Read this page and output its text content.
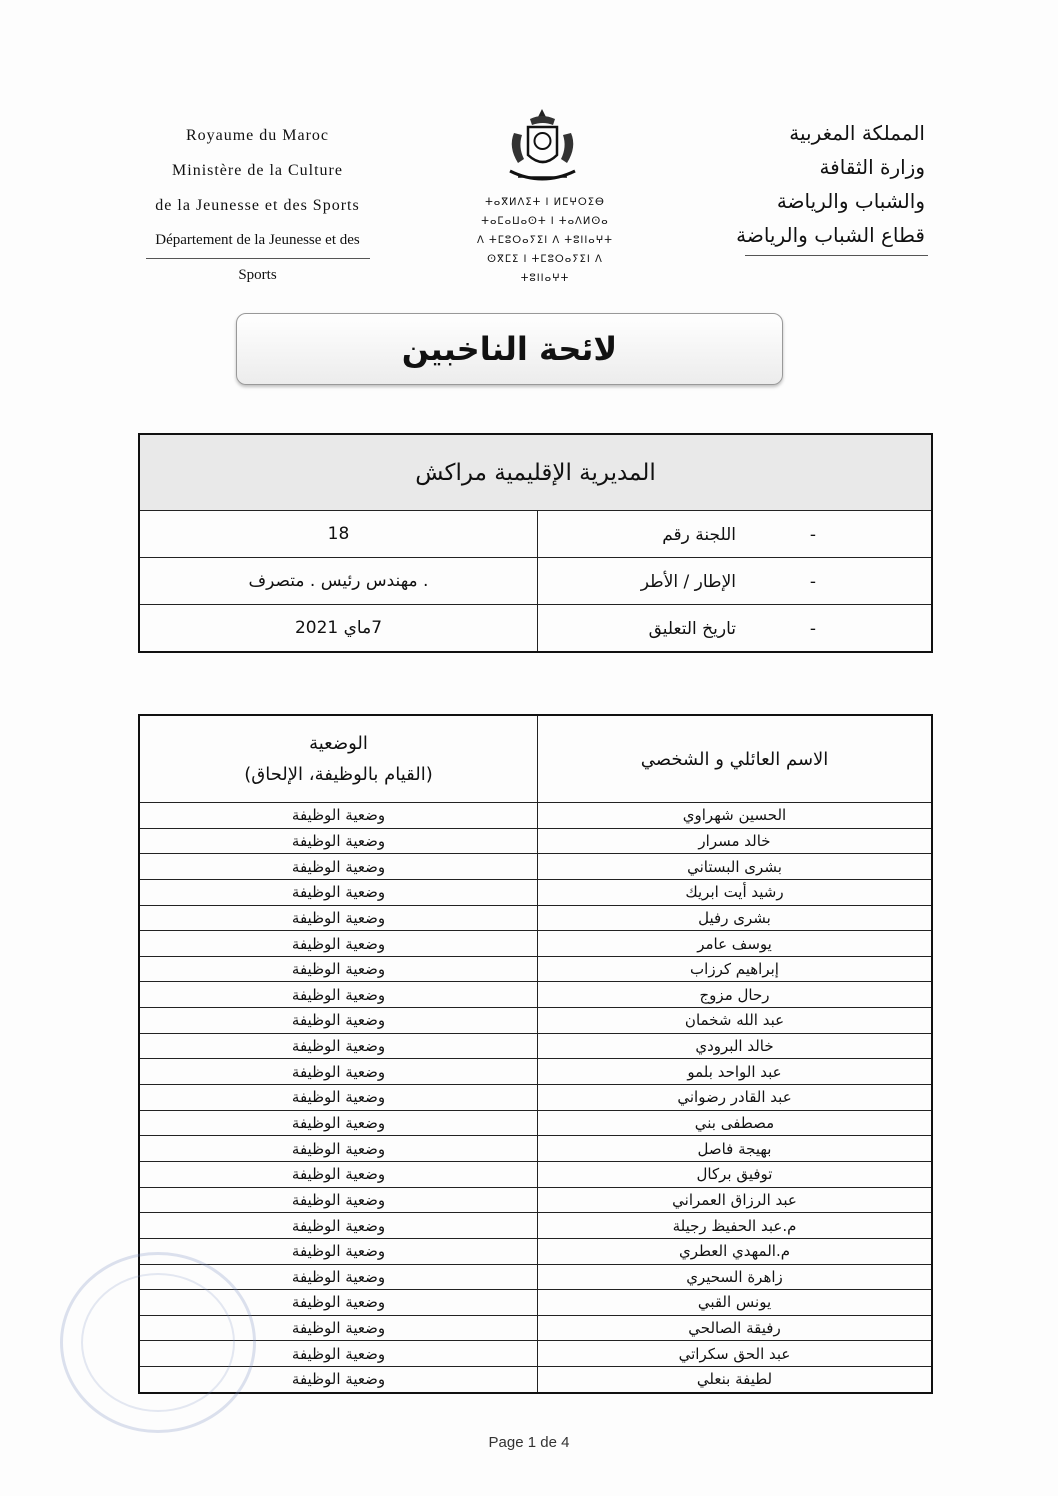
Royaume du Maroc
Ministère de la Culture
de la Jeunesse et des Sports
Département de la Jeunesse et des Sports
ⵜⴰⴳⵍⴷⵉⵜ ⵏ ⵍⵎⵖⵔⵉⴱ
ⵜⴰⵎⴰⵡⴰⵙⵜ ⵏ ⵜⴰⴷⵍⵙⴰ
ⴷ ⵜⵎⵓⵔⴰⵢⵉⵏ ⴷ ⵜⵓⵏⵏⴰⵖⵜ
ⵙⴳⵎⵉ ⵏ ⵜⵎⵓⵔⴰⵢⵉⵏ ⴷ ⵜⵓⵏⵏⴰⵖⵜ
المملكة المغربية
وزارة الثقافة
والشباب والرياضة
قطاع الشباب والرياضة
لائحة الناخبين
المديرية الإقليمية مراكش	

اللجنة رقم -	18

الإطار / الأطر -	. مهندس رئيس . متصرف

تاريخ التعليق -	7ماي 2021
الاسم العائلي و الشخصي	الوضعية
(القيام بالوظيفة، الإلحاق)

الحسين شهراوي	وضعية الوظيفة
خالد مسرار	وضعية الوظيفة
بشرى البستاني	وضعية الوظيفة
رشيد أيت ابريك	وضعية الوظيفة
بشرى رفيل	وضعية الوظيفة
يوسف عامر	وضعية الوظيفة
إبراهيم كرزاب	وضعية الوظيفة
رحال مزوج	وضعية الوظيفة
عبد الله شخمان	وضعية الوظيفة
خالد البرودي	وضعية الوظيفة
عبد الواحد بلمو	وضعية الوظيفة
عبد القادر رضواني	وضعية الوظيفة
مصطفى بني	وضعية الوظيفة
بهيجة فاصل	وضعية الوظيفة
توفيق بركال	وضعية الوظيفة
عبد الرزاق العمراني	وضعية الوظيفة
م.عبد الحفيظ رجيلة	وضعية الوظيفة
م.المهدي العطري	وضعية الوظيفة
زاهرة السحيري	وضعية الوظيفة
يونس القبي	وضعية الوظيفة
رفيقة الصالحي	وضعية الوظيفة
عبد الحق سكراتي	وضعية الوظيفة
لطيفة بنعلي	وضعية الوظيفة
Page 1 de 4
